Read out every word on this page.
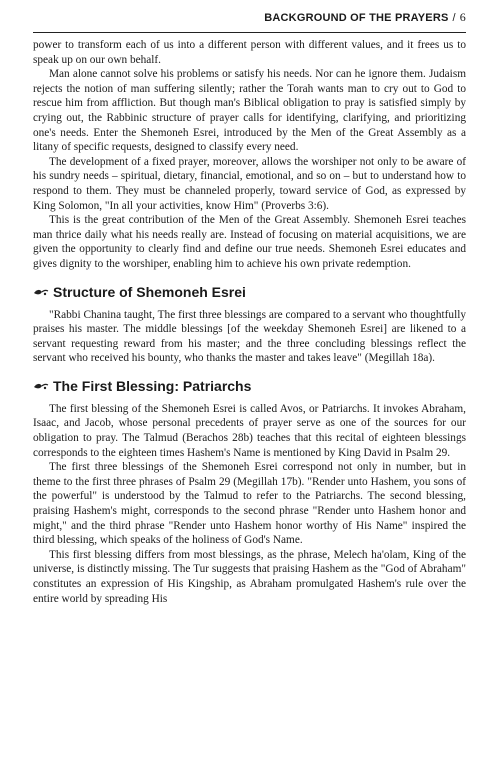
BACKGROUND OF THE PRAYERS / 6

power to transform each of us into a different person with different values, and it frees us to speak up on our own behalf.

Man alone cannot solve his problems or satisfy his needs. Nor can he ignore them. Judaism rejects the notion of man suffering silently; rather the Torah wants man to cry out to God to rescue him from affliction. But though man's Biblical obligation to pray is satisfied simply by crying out, the Rabbinic structure of prayer calls for identifying, clarifying, and prioritizing one's needs. Enter the Shemoneh Esrei, introduced by the Men of the Great Assembly as a litany of specific requests, designed to classify every need.

The development of a fixed prayer, moreover, allows the worshiper not only to be aware of his sundry needs – spiritual, dietary, financial, emotional, and so on – but to understand how to respond to them. They must be channeled properly, toward service of God, as expressed by King Solomon, "In all your activities, know Him" (Proverbs 3:6).

This is the great contribution of the Men of the Great Assembly. Shemoneh Esrei teaches man thrice daily what his needs really are. Instead of focusing on material acquisitions, we are given the opportunity to clearly find and define our true needs. Shemoneh Esrei educates and gives dignity to the worshiper, enabling him to achieve his own private redemption.

Structure of Shemoneh Esrei

"Rabbi Chanina taught, The first three blessings are compared to a servant who thoughtfully praises his master. The middle blessings [of the weekday Shemoneh Esrei] are likened to a servant requesting reward from his master; and the three concluding blessings reflect the servant who received his bounty, who thanks the master and takes leave" (Megillah 18a).

The First Blessing: Patriarchs

The first blessing of the Shemoneh Esrei is called Avos, or Patriarchs. It invokes Abraham, Isaac, and Jacob, whose personal precedents of prayer serve as one of the sources for our obligation to pray. The Talmud (Berachos 28b) teaches that this recital of eighteen blessings corresponds to the eighteen times Hashem's Name is mentioned by King David in Psalm 29.

The first three blessings of the Shemoneh Esrei correspond not only in number, but in theme to the first three phrases of Psalm 29 (Megillah 17b). "Render unto Hashem, you sons of the powerful" is understood by the Talmud to refer to the Patriarchs. The second blessing, praising Hashem's might, corresponds to the second phrase "Render unto Hashem honor and might," and the third phrase "Render unto Hashem honor worthy of His Name" inspired the third blessing, which speaks of the holiness of God's Name.

This first blessing differs from most blessings, as the phrase, Melech ha'olam, King of the universe, is distinctly missing. The Tur suggests that praising Hashem as the "God of Abraham" constitutes an expression of His Kingship, as Abraham promulgated Hashem's rule over the entire world by spreading His
